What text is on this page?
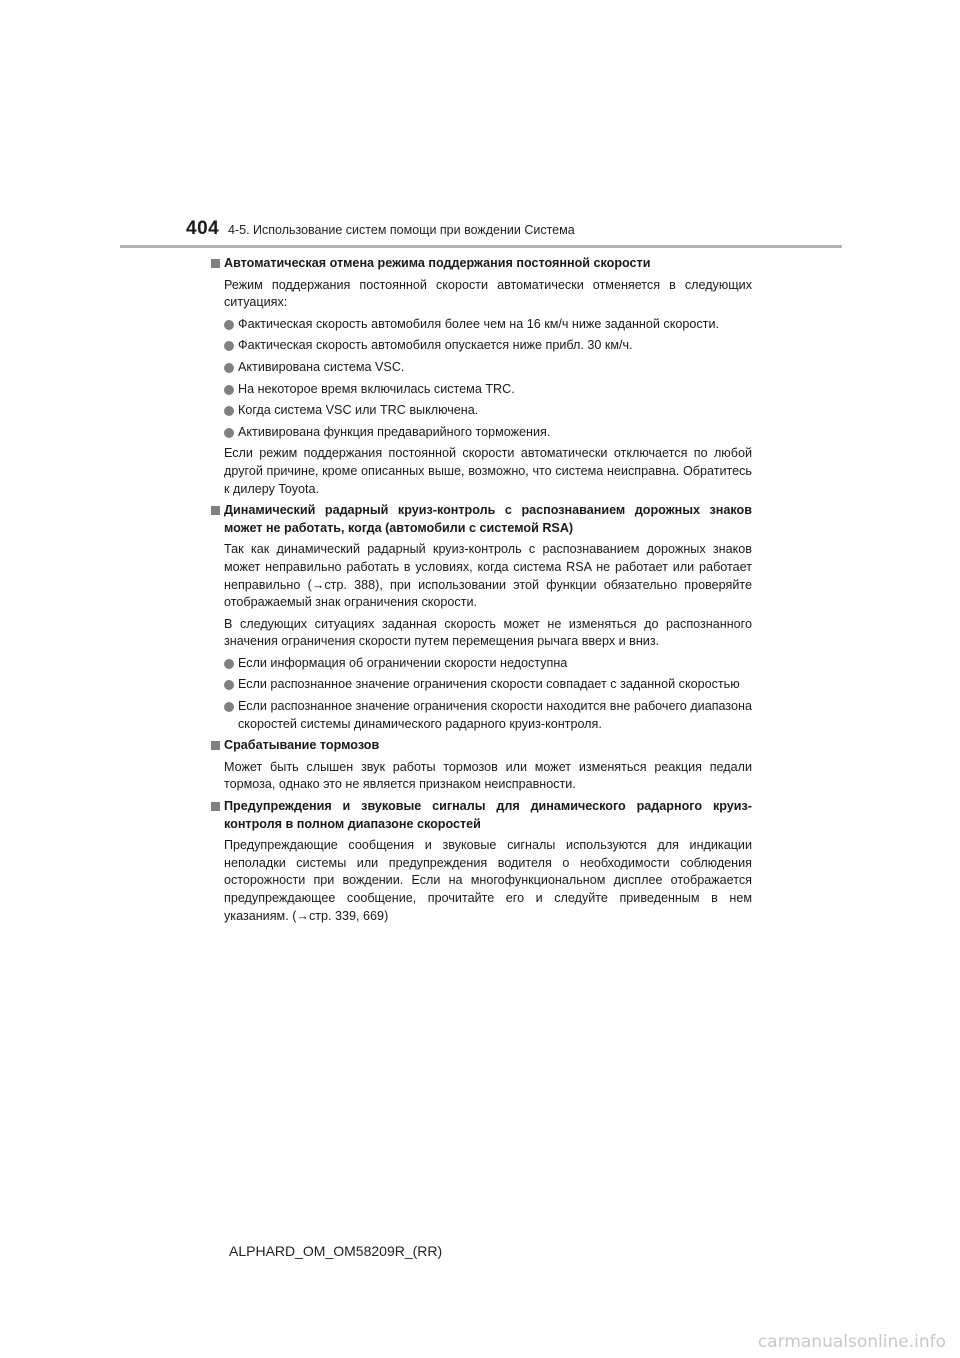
404 4-5. Использование систем помощи при вождении Система
Автоматическая отмена режима поддержания постоянной скорости
Режим поддержания постоянной скорости автоматически отменяется в следующих ситуациях:
Фактическая скорость автомобиля более чем на 16 км/ч ниже заданной скорости.
Фактическая скорость автомобиля опускается ниже прибл. 30 км/ч.
Активирована система VSC.
На некоторое время включилась система TRC.
Когда система VSC или TRC выключена.
Активирована функция предаварийного торможения.
Если режим поддержания постоянной скорости автоматически отключается по любой другой причине, кроме описанных выше, возможно, что система неисправна. Обратитесь к дилеру Toyota.
Динамический радарный круиз-контроль с распознаванием дорожных знаков может не работать, когда (автомобили с системой RSA)
Так как динамический радарный круиз-контроль с распознаванием дорожных знаков может неправильно работать в условиях, когда система RSA не работает или работает неправильно (→стр. 388), при использовании этой функции обязательно проверяйте отображаемый знак ограничения скорости.
В следующих ситуациях заданная скорость может не изменяться до распознанного значения ограничения скорости путем перемещения рычага вверх и вниз.
Если информация об ограничении скорости недоступна
Если распознанное значение ограничения скорости совпадает с заданной скоростью
Если распознанное значение ограничения скорости находится вне рабочего диапазона скоростей системы динамического радарного круиз-контроля.
Срабатывание тормозов
Может быть слышен звук работы тормозов или может изменяться реакция педали тормоза, однако это не является признаком неисправности.
Предупреждения и звуковые сигналы для динамического радарного круиз-контроля в полном диапазоне скоростей
Предупреждающие сообщения и звуковые сигналы используются для индикации неполадки системы или предупреждения водителя о необходимости соблюдения осторожности при вождении. Если на многофункциональном дисплее отображается предупреждающее сообщение, прочитайте его и следуйте приведенным в нем указаниям. (→стр. 339, 669)
ALPHARD_OM_OM58209R_(RR)
carmanualsonline.info
